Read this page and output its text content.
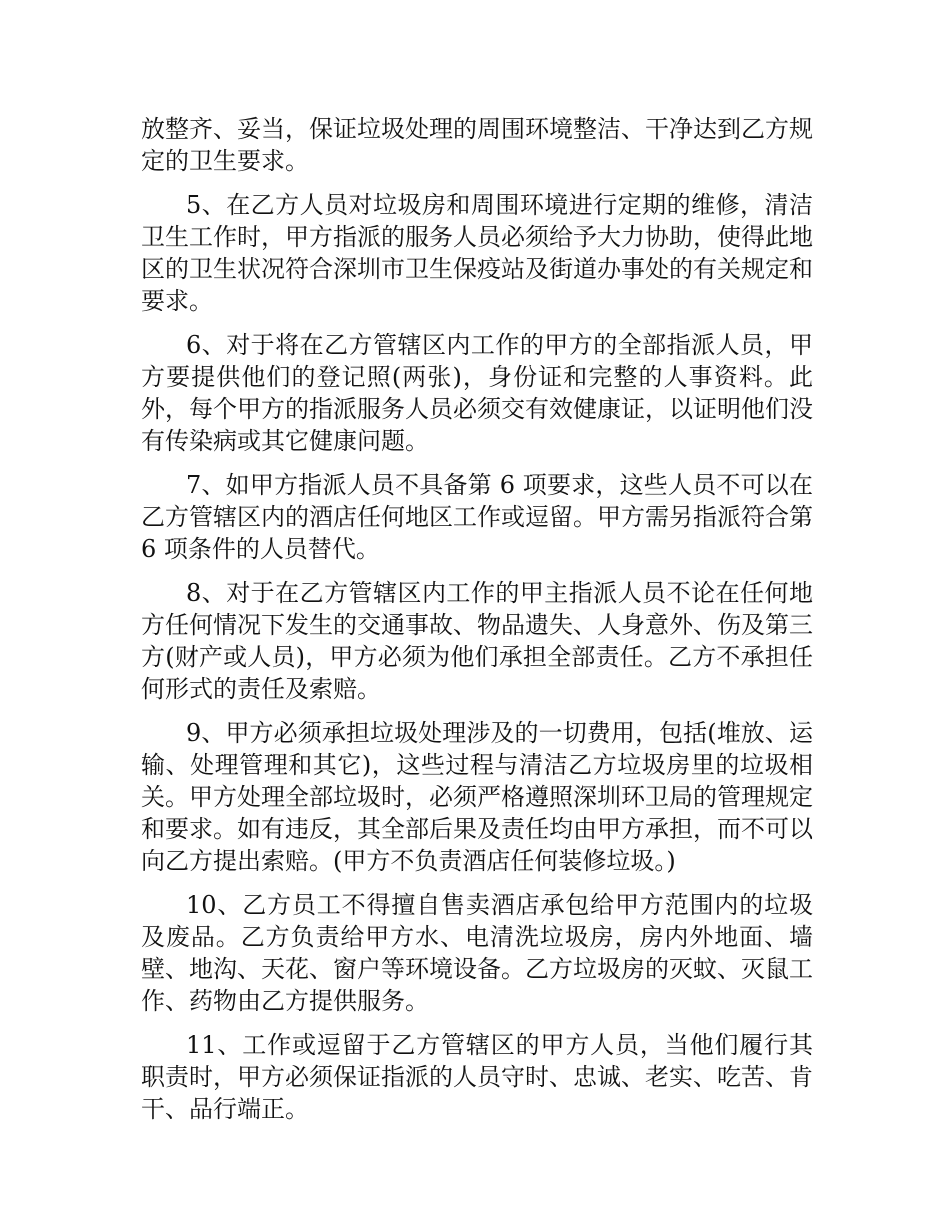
放整齐、妥当，保证垃圾处理的周围环境整洁、干净达到乙方规定的卫生要求。

5、在乙方人员对垃圾房和周围环境进行定期的维修，清洁卫生工作时，甲方指派的服务人员必须给予大力协助，使得此地区的卫生状况符合深圳市卫生保疫站及街道办事处的有关规定和要求。

6、对于将在乙方管辖区内工作的甲方的全部指派人员，甲方要提供他们的登记照(两张)，身份证和完整的人事资料。此外，每个甲方的指派服务人员必须交有效健康证，以证明他们没有传染病或其它健康问题。

7、如甲方指派人员不具备第 6 项要求，这些人员不可以在乙方管辖区内的酒店任何地区工作或逗留。甲方需另指派符合第 6 项条件的人员替代。

8、对于在乙方管辖区内工作的甲主指派人员不论在任何地方任何情况下发生的交通事故、物品遗失、人身意外、伤及第三方(财产或人员)，甲方必须为他们承担全部责任。乙方不承担任何形式的责任及索赔。

9、甲方必须承担垃圾处理涉及的一切费用，包括(堆放、运输、处理管理和其它)，这些过程与清洁乙方垃圾房里的垃圾相关。甲方处理全部垃圾时，必须严格遵照深圳环卫局的管理规定和要求。如有违反，其全部后果及责任均由甲方承担，而不可以向乙方提出索赔。(甲方不负责酒店任何装修垃圾。)

10、乙方员工不得擅自售卖酒店承包给甲方范围内的垃圾及废品。乙方负责给甲方水、电清洗垃圾房，房内外地面、墙壁、地沟、天花、窗户等环境设备。乙方垃圾房的灭蚊、灭鼠工作、药物由乙方提供服务。

11、工作或逗留于乙方管辖区的甲方人员，当他们履行其职责时，甲方必须保证指派的人员守时、忠诚、老实、吃苦、肯干、品行端正。
